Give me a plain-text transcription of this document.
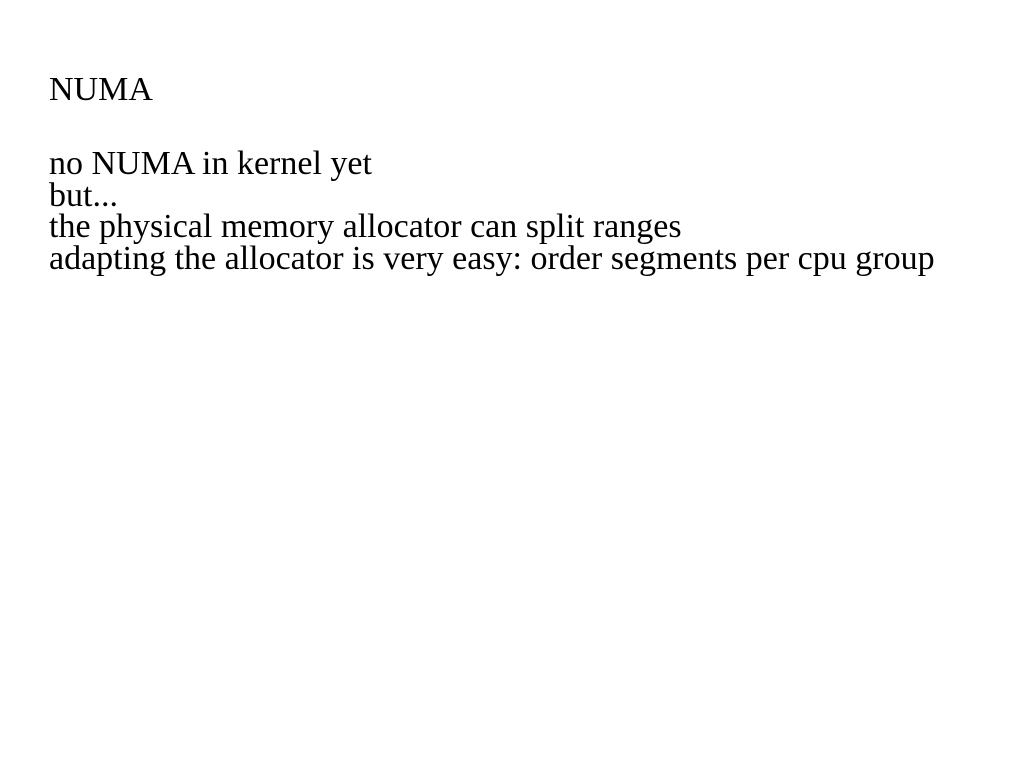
NUMA
no NUMA in kernel yet
but...
the physical memory allocator can split ranges
adapting the allocator is very easy: order segments per cpu group
